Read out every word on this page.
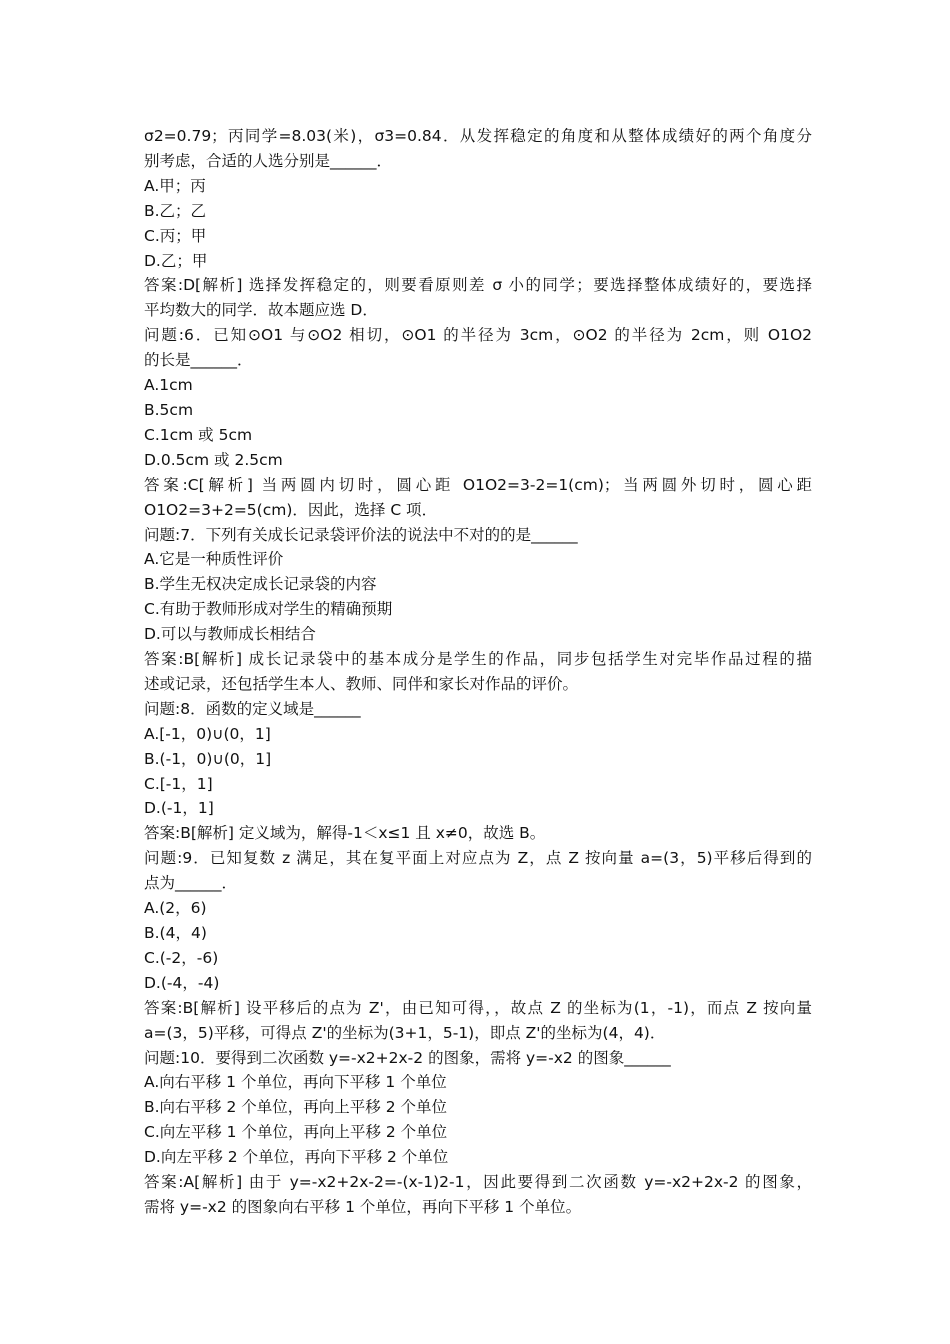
σ2=0.79；丙同学=8.03(米)，σ3=0.84．从发挥稳定的角度和从整体成绩好的两个角度分
别考虑，合适的人选分别是______．
A.甲；丙
B.乙；乙
C.丙；甲
D.乙；甲
答案:D[解析] 选择发挥稳定的，则要看原则差 σ 小的同学；要选择整体成绩好的，要选择
平均数大的同学．故本题应选 D．
问题:6．已知⊙O1 与⊙O2 相切，⊙O1 的半径为 3cm，⊙O2 的半径为 2cm，则 O1O2
的长是______．
A.1cm
B.5cm
C.1cm 或 5cm
D.0.5cm 或 2.5cm
答案:C[解析] 当两圆内切时，圆心距 O1O2=3-2=1(cm)；当两圆外切时，圆心距
O1O2=3+2=5(cm)．因此，选择 C 项．
问题:7．下列有关成长记录袋评价法的说法中不对的的是______
A.它是一种质性评价
B.学生无权决定成长记录袋的内容
C.有助于教师形成对学生的精确预期
D.可以与教师成长相结合
答案:B[解析] 成长记录袋中的基本成分是学生的作品，同步包括学生对完毕作品过程的描
述或记录，还包括学生本人、教师、同伴和家长对作品的评价。
问题:8．函数的定义域是______
A.[-1，0)∪(0，1]
B.(-1，0)∪(0，1]
C.[-1，1]
D.(-1，1]
答案:B[解析] 定义域为，解得-1＜x≤1 且 x≠0，故选 B。
问题:9．已知复数 z 满足，其在复平面上对应点为 Z，点 Z 按向量 a=(3，5)平移后得到的
点为______．
A.(2，6)
B.(4，4)
C.(-2，-6)
D.(-4，-4)
答案:B[解析] 设平移后的点为 Z'，由已知可得，，故点 Z 的坐标为(1，-1)，而点 Z 按向量
a=(3，5)平移，可得点 Z'的坐标为(3+1，5-1)，即点 Z'的坐标为(4，4)．
问题:10．要得到二次函数 y=-x2+2x-2 的图象，需将 y=-x2 的图象______
A.向右平移 1 个单位，再向下平移 1 个单位
B.向右平移 2 个单位，再向上平移 2 个单位
C.向左平移 1 个单位，再向上平移 2 个单位
D.向左平移 2 个单位，再向下平移 2 个单位
答案:A[解析] 由于 y=-x2+2x-2=-(x-1)2-1，因此要得到二次函数 y=-x2+2x-2 的图象，
需将 y=-x2 的图象向右平移 1 个单位，再向下平移 1 个单位。
